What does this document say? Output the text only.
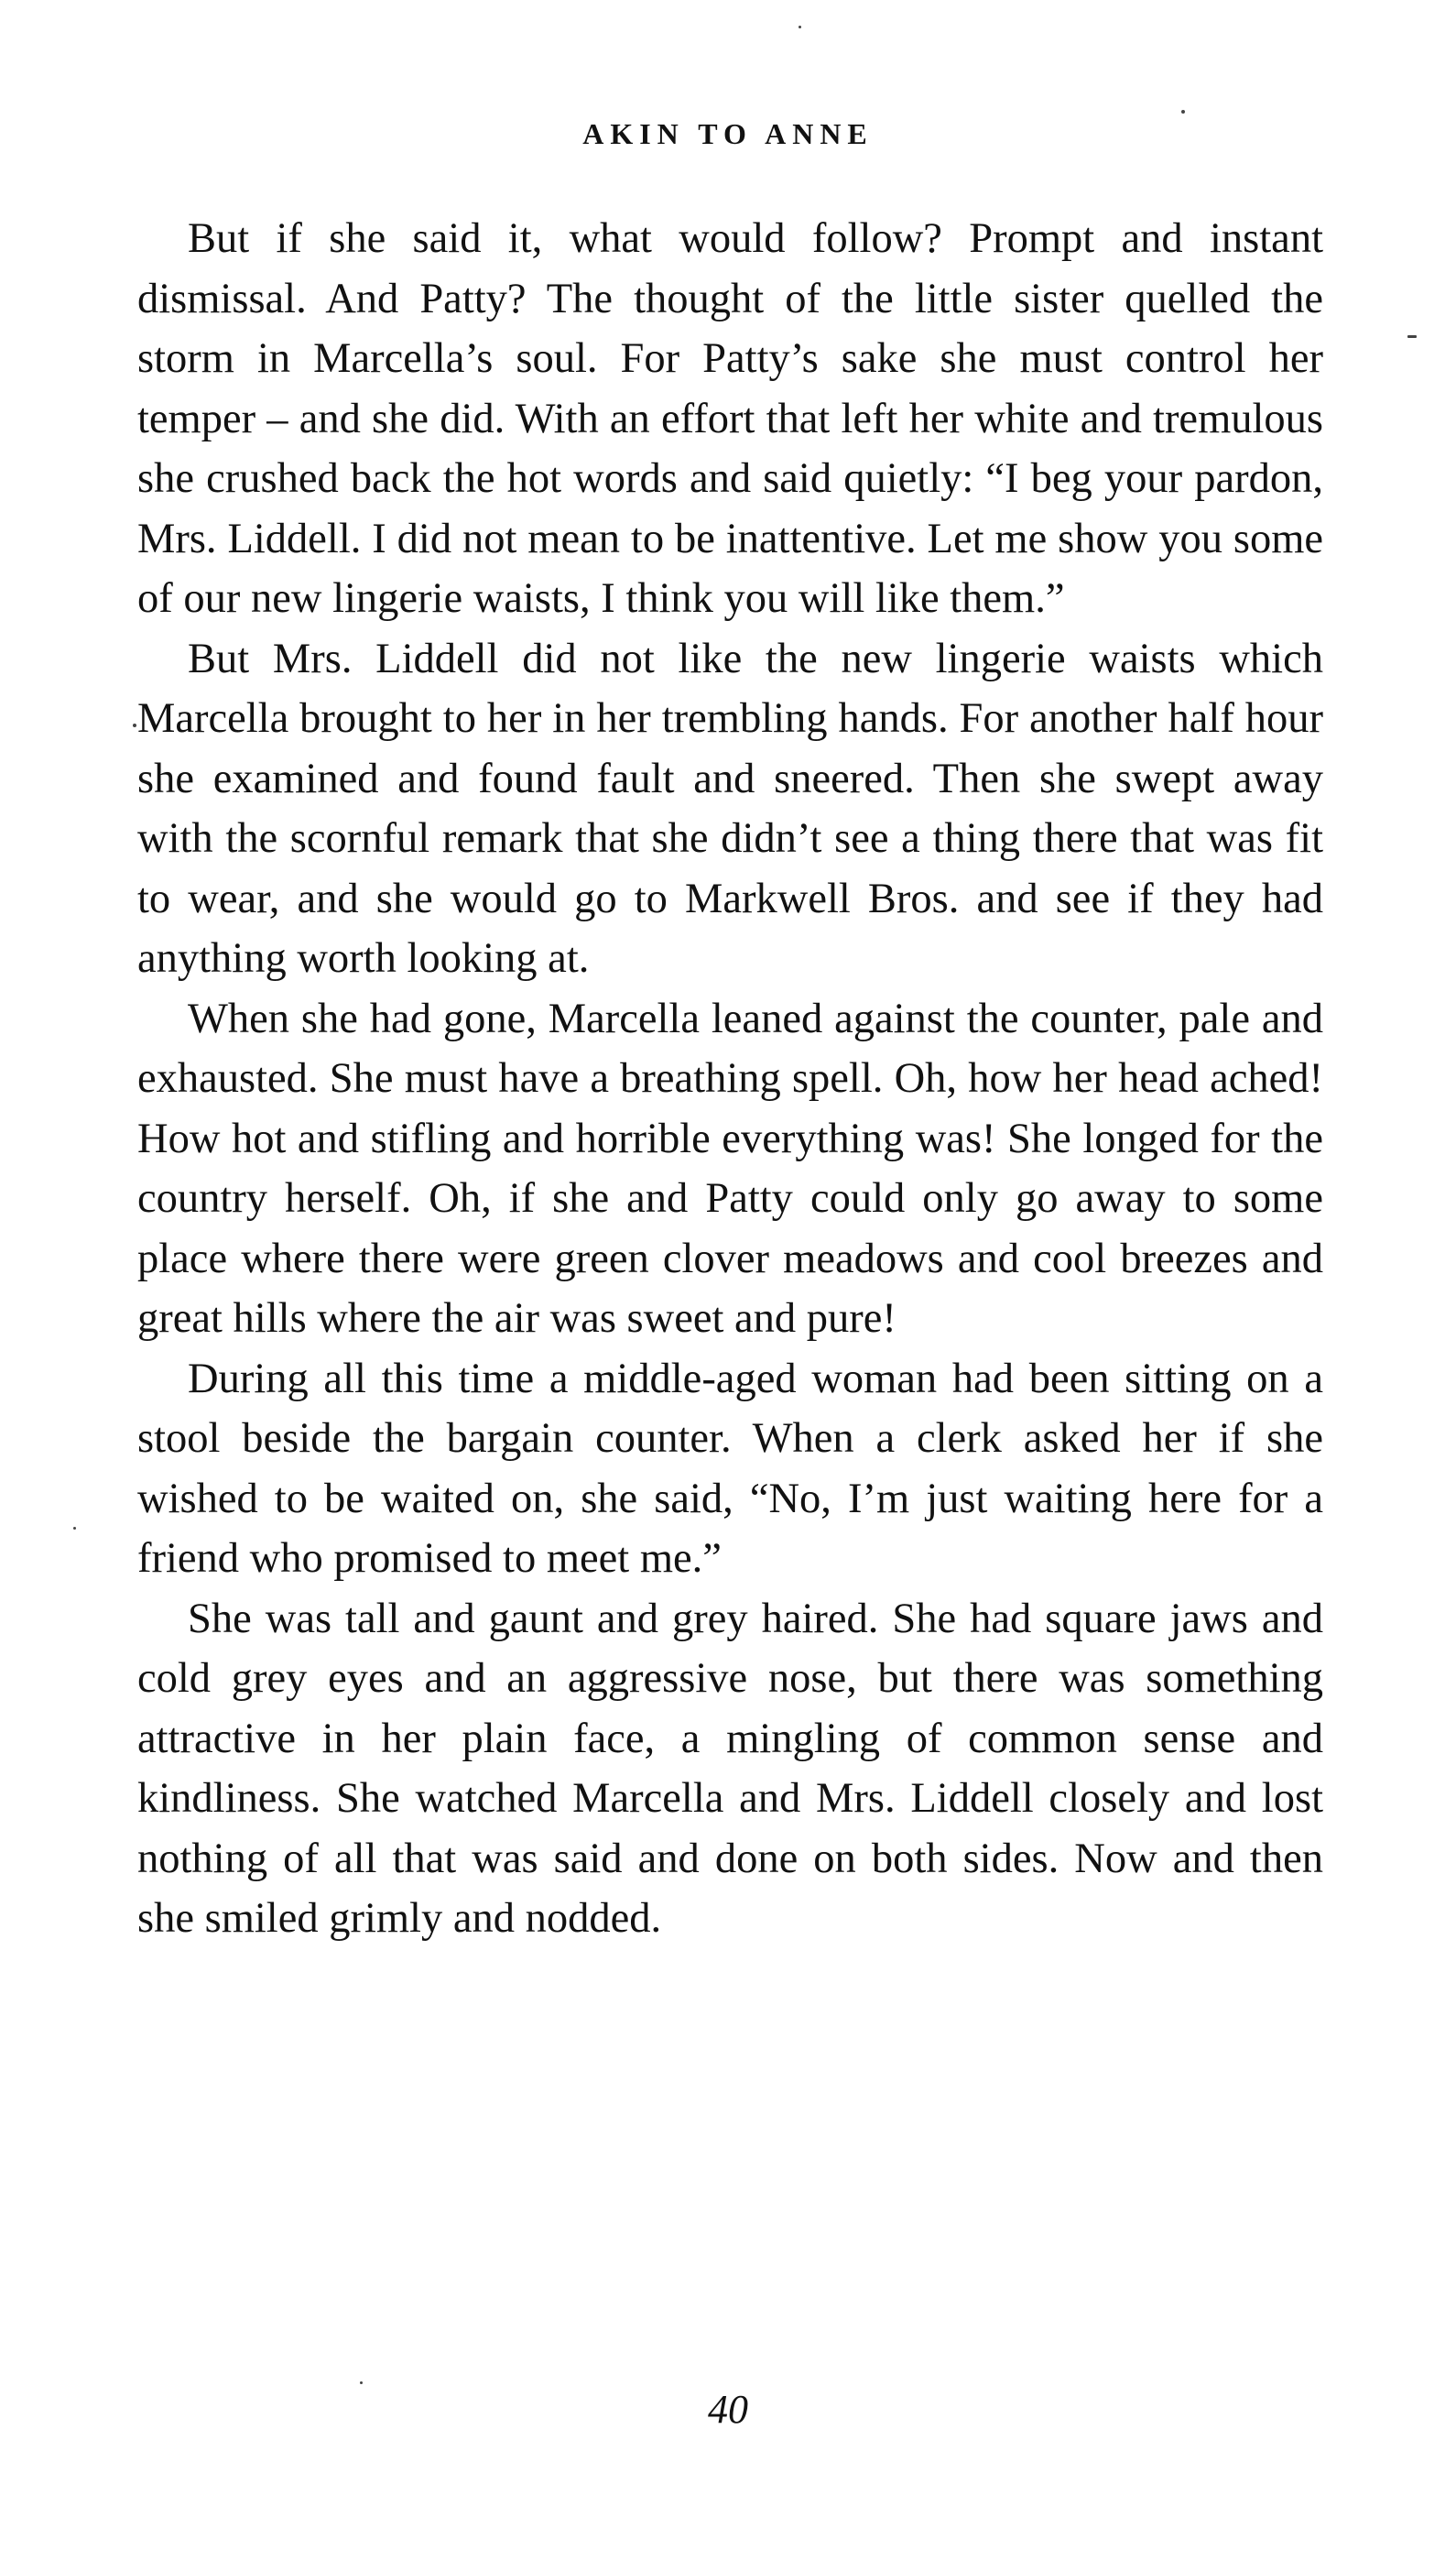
AKIN TO ANNE

But if she said it, what would follow? Prompt and instant dismissal. And Patty? The thought of the little sister quelled the storm in Marcella’s soul. For Patty’s sake she must control her temper – and she did. With an effort that left her white and tremulous she crushed back the hot words and said quietly: “I beg your pardon, Mrs. Liddell. I did not mean to be inattentive. Let me show you some of our new lingerie waists, I think you will like them.”

But Mrs. Liddell did not like the new lingerie waists which Marcella brought to her in her trembling hands. For another half hour she examined and found fault and sneered. Then she swept away with the scornful remark that she didn’t see a thing there that was fit to wear, and she would go to Markwell Bros. and see if they had anything worth looking at.

When she had gone, Marcella leaned against the counter, pale and exhausted. She must have a breathing spell. Oh, how her head ached! How hot and stifling and horrible everything was! She longed for the country herself. Oh, if she and Patty could only go away to some place where there were green clover meadows and cool breezes and great hills where the air was sweet and pure!

During all this time a middle-aged woman had been sitting on a stool beside the bargain counter. When a clerk asked her if she wished to be waited on, she said, “No, I’m just waiting here for a friend who promised to meet me.”

She was tall and gaunt and grey haired. She had square jaws and cold grey eyes and an aggressive nose, but there was something attractive in her plain face, a mingling of common sense and kindliness. She watched Marcella and Mrs. Liddell closely and lost nothing of all that was said and done on both sides. Now and then she smiled grimly and nodded.

40
